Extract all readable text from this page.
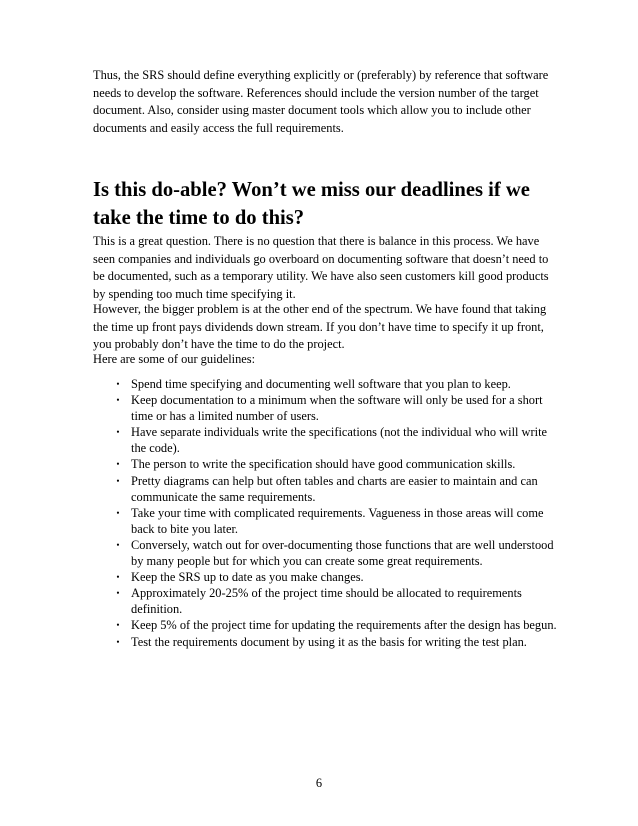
Thus, the SRS should define everything explicitly or (preferably) by reference that software needs to develop the software. References should include the version number of the target document. Also, consider using master document tools which allow you to include other documents and easily access the full requirements.

Is this do-able? Won’t we miss our deadlines if we take the time to do this?

This is a great question. There is no question that there is balance in this process. We have seen companies and individuals go overboard on documenting software that doesn’t need to be documented, such as a temporary utility. We have also seen customers kill good products by spending too much time specifying it.

However, the bigger problem is at the other end of the spectrum. We have found that taking the time up front pays dividends down stream. If you don’t have time to specify it up front, you probably don’t have the time to do the project.

Here are some of our guidelines:

• Spend time specifying and documenting well software that you plan to keep.
• Keep documentation to a minimum when the software will only be used for a short time or has a limited number of users.
• Have separate individuals write the specifications (not the individual who will write the code).
• The person to write the specification should have good communication skills.
• Pretty diagrams can help but often tables and charts are easier to maintain and can communicate the same requirements.
• Take your time with complicated requirements. Vagueness in those areas will come back to bite you later.
• Conversely, watch out for over-documenting those functions that are well understood by many people but for which you can create some great requirements.
• Keep the SRS up to date as you make changes.
• Approximately 20-25% of the project time should be allocated to requirements definition.
• Keep 5% of the project time for updating the requirements after the design has begun.
• Test the requirements document by using it as the basis for writing the test plan.
6
